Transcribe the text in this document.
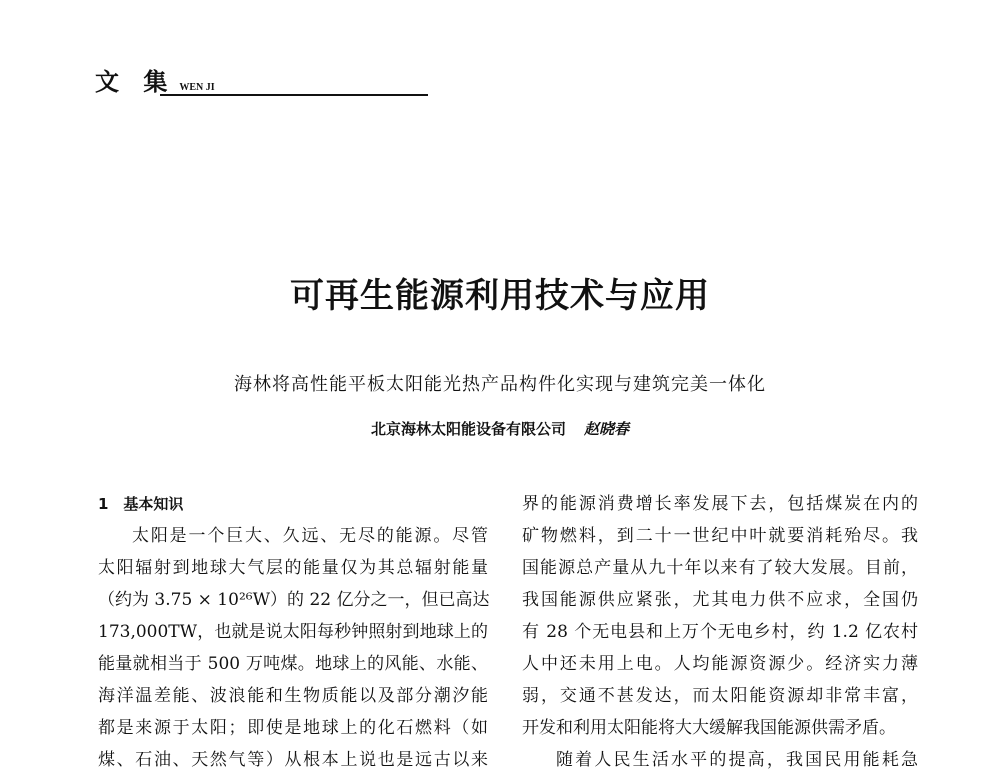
文 集 WEN JI
可再生能源利用技术与应用
海林将高性能平板太阳能光热产品构件化实现与建筑完美一体化
北京海林太阳能设备有限公司 赵晓春
1　基本知识
太阳是一个巨大、久远、无尽的能源。尽管
太阳辐射到地球大气层的能量仅为其总辐射能量
（约为 3.75 × 10²⁶W）的 22 亿分之一，但已高达
173,000TW，也就是说太阳每秒钟照射到地球上的
能量就相当于 500 万吨煤。地球上的风能、水能、
海洋温差能、波浪能和生物质能以及部分潮汐能
都是来源于太阳；即使是地球上的化石燃料（如
煤、石油、天然气等）从根本上说也是远古以来
界的能源消费增长率发展下去，包括煤炭在内的
矿物燃料，到二十一世纪中叶就要消耗殆尽。我
国能源总产量从九十年以来有了较大发展。目前，
我国能源供应紧张，尤其电力供不应求，全国仍
有 28 个无电县和上万个无电乡村，约 1.2 亿农村
人中还未用上电。人均能源资源少。经济实力薄
弱，交通不甚发达，而太阳能资源却非常丰富，
开发和利用太阳能将大大缓解我国能源供需矛盾。
随着人民生活水平的提高，我国民用能耗急
